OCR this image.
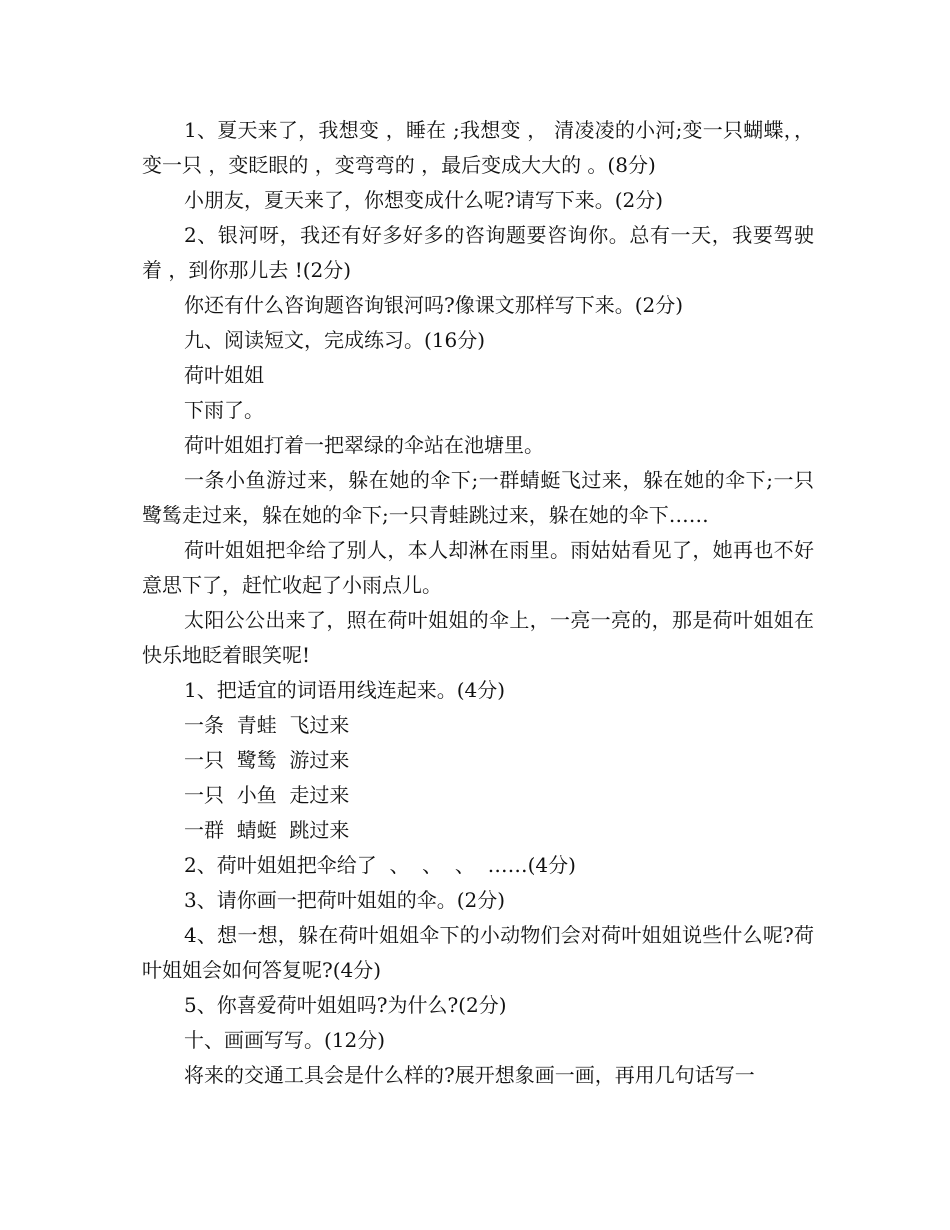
1、夏天来了，我想变 ，睡在 ;我想变 ， 清凌凌的小河;变一只蝴蝶，，变一只 ，变眨眼的 ，变弯弯的 ，最后变成大大的 。(8分)

小朋友，夏天来了，你想变成什么呢?请写下来。(2分)

2、银河呀，我还有好多好多的咨询题要咨询你。总有一天，我要驾驶着 ，到你那儿去 !(2分)

你还有什么咨询题咨询银河吗?像课文那样写下来。(2分)

九、阅读短文，完成练习。(16分)

荷叶姐姐

下雨了。

荷叶姐姐打着一把翠绿的伞站在池塘里。

一条小鱼游过来，躲在她的伞下;一群蜻蜓飞过来，躲在她的伞下;一只鹭鸶走过来，躲在她的伞下;一只青蛙跳过来，躲在她的伞下……

荷叶姐姐把伞给了别人，本人却淋在雨里。雨姑姑看见了，她再也不好意思下了，赶忙收起了小雨点儿。

太阳公公出来了，照在荷叶姐姐的伞上，一亮一亮的，那是荷叶姐姐在快乐地眨着眼笑呢!

1、把适宜的词语用线连起来。(4分)

一条  青蛙  飞过来

一只  鹭鸶  游过来

一只  小鱼  走过来

一群  蜻蜓  跳过来

2、荷叶姐姐把伞给了  、  、  、  ……(4分)

3、请你画一把荷叶姐姐的伞。(2分)

4、想一想，躲在荷叶姐姐伞下的小动物们会对荷叶姐姐说些什么呢?荷叶姐姐会如何答复呢?(4分)

5、你喜爱荷叶姐姐吗?为什么?(2分)

十、画画写写。(12分)

将来的交通工具会是什么样的?展开想象画一画，再用几句话写一
